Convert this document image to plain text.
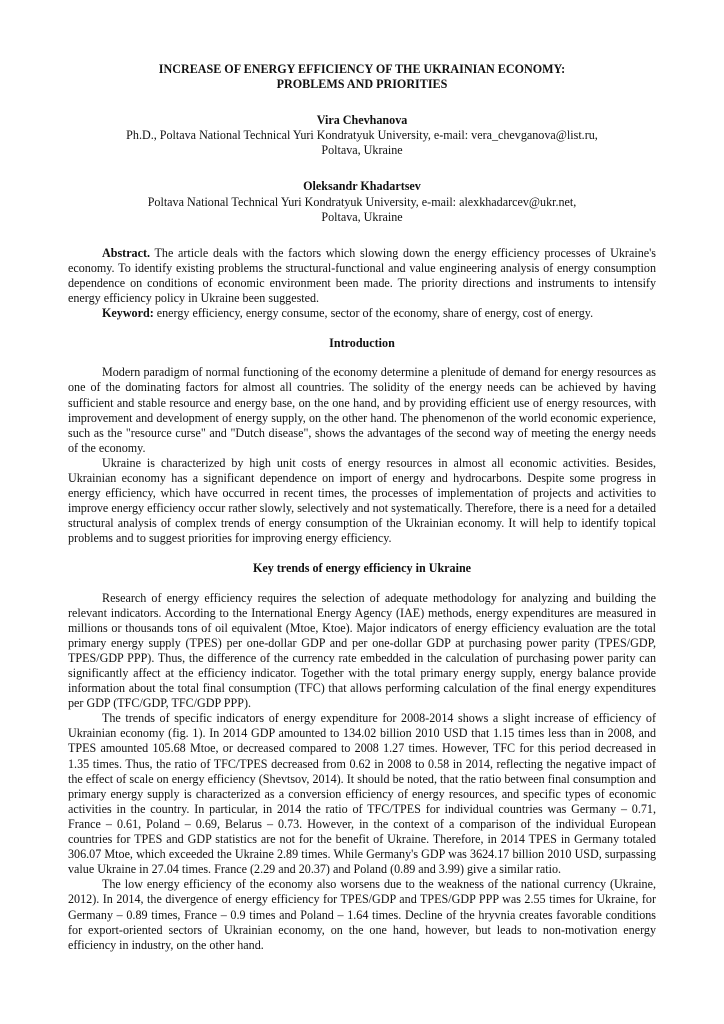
INCREASE OF ENERGY EFFICIENCY OF THE UKRAINIAN ECONOMY:
PROBLEMS AND PRIORITIES
Vira Chevhanova
Ph.D., Poltava National Technical Yuri Kondratyuk University, e-mail: vera_chevganova@list.ru,
Poltava, Ukraine
Oleksandr Khadartsev
Poltava National Technical Yuri Kondratyuk University, e-mail: alexkhadarcev@ukr.net,
Poltava, Ukraine

Abstract. The article deals with the factors which slowing down the energy efficiency processes of Ukraine's economy. To identify existing problems the structural-functional and value engineering analysis of energy consumption dependence on conditions of economic environment been made. The priority directions and instruments to intensify energy efficiency policy in Ukraine been suggested.

Keyword: energy efficiency, energy consume, sector of the economy, share of energy, cost of energy.

Introduction

Modern paradigm of normal functioning of the economy determine a plenitude of demand for energy resources as one of the dominating factors for almost all countries. The solidity of the energy needs can be achieved by having sufficient and stable resource and energy base, on the one hand, and by providing efficient use of energy resources, with improvement and development of energy supply, on the other hand. The phenomenon of the world economic experience, such as the "resource curse" and "Dutch disease", shows the advantages of the second way of meeting the energy needs of the economy.

Ukraine is characterized by high unit costs of energy resources in almost all economic activities. Besides, Ukrainian economy has a significant dependence on import of energy and hydrocarbons. Despite some progress in energy efficiency, which have occurred in recent times, the processes of implementation of projects and activities to improve energy efficiency occur rather slowly, selectively and not systematically. Therefore, there is a need for a detailed structural analysis of complex trends of energy consumption of the Ukrainian economy. It will help to identify topical problems and to suggest priorities for improving energy efficiency.

Key trends of energy efficiency in Ukraine

Research of energy efficiency requires the selection of adequate methodology for analyzing and building the relevant indicators. According to the International Energy Agency (IAE) methods, energy expenditures are measured in millions or thousands tons of oil equivalent (Mtoe, Ktoe). Major indicators of energy efficiency evaluation are the total primary energy supply (TPES) per one-dollar GDP and per one-dollar GDP at purchasing power parity (TPES/GDP, TPES/GDP PPP). Thus, the difference of the currency rate embedded in the calculation of purchasing power parity can significantly affect at the efficiency indicator. Together with the total primary energy supply, energy balance provide information about the total final consumption (TFC) that allows performing calculation of the final energy expenditures per GDP (TFC/GDP, TFC/GDP PPP).

The trends of specific indicators of energy expenditure for 2008-2014 shows a slight increase of efficiency of Ukrainian economy (fig. 1). In 2014 GDP amounted to 134.02 billion 2010 USD that 1.15 times less than in 2008, and TPES amounted 105.68 Mtoe, or decreased compared to 2008 1.27 times. However, TFC for this period decreased in 1.35 times. Thus, the ratio of TFC/TPES decreased from 0.62 in 2008 to 0.58 in 2014, reflecting the negative impact of the effect of scale on energy efficiency (Shevtsov, 2014). It should be noted, that the ratio between final consumption and primary energy supply is characterized as a conversion efficiency of energy resources, and specific types of economic activities in the country. In particular, in 2014 the ratio of TFC/TPES for individual countries was Germany – 0.71, France – 0.61, Poland – 0.69, Belarus – 0.73. However, in the context of a comparison of the individual European countries for TPES and GDP statistics are not for the benefit of Ukraine. Therefore, in 2014 TPES in Germany totaled 306.07 Mtoe, which exceeded the Ukraine 2.89 times. While Germany's GDP was 3624.17 billion 2010 USD, surpassing value Ukraine in 27.04 times. France (2.29 and 20.37) and Poland (0.89 and 3.99) give a similar ratio.

The low energy efficiency of the economy also worsens due to the weakness of the national currency (Ukraine, 2012). In 2014, the divergence of energy efficiency for TPES/GDP and TPES/GDP PPP was 2.55 times for Ukraine, for Germany – 0.89 times, France – 0.9 times and Poland – 1.64 times. Decline of the hryvnia creates favorable conditions for export-oriented sectors of Ukrainian economy, on the one hand, however, but leads to non-motivation energy efficiency in industry, on the other hand.
